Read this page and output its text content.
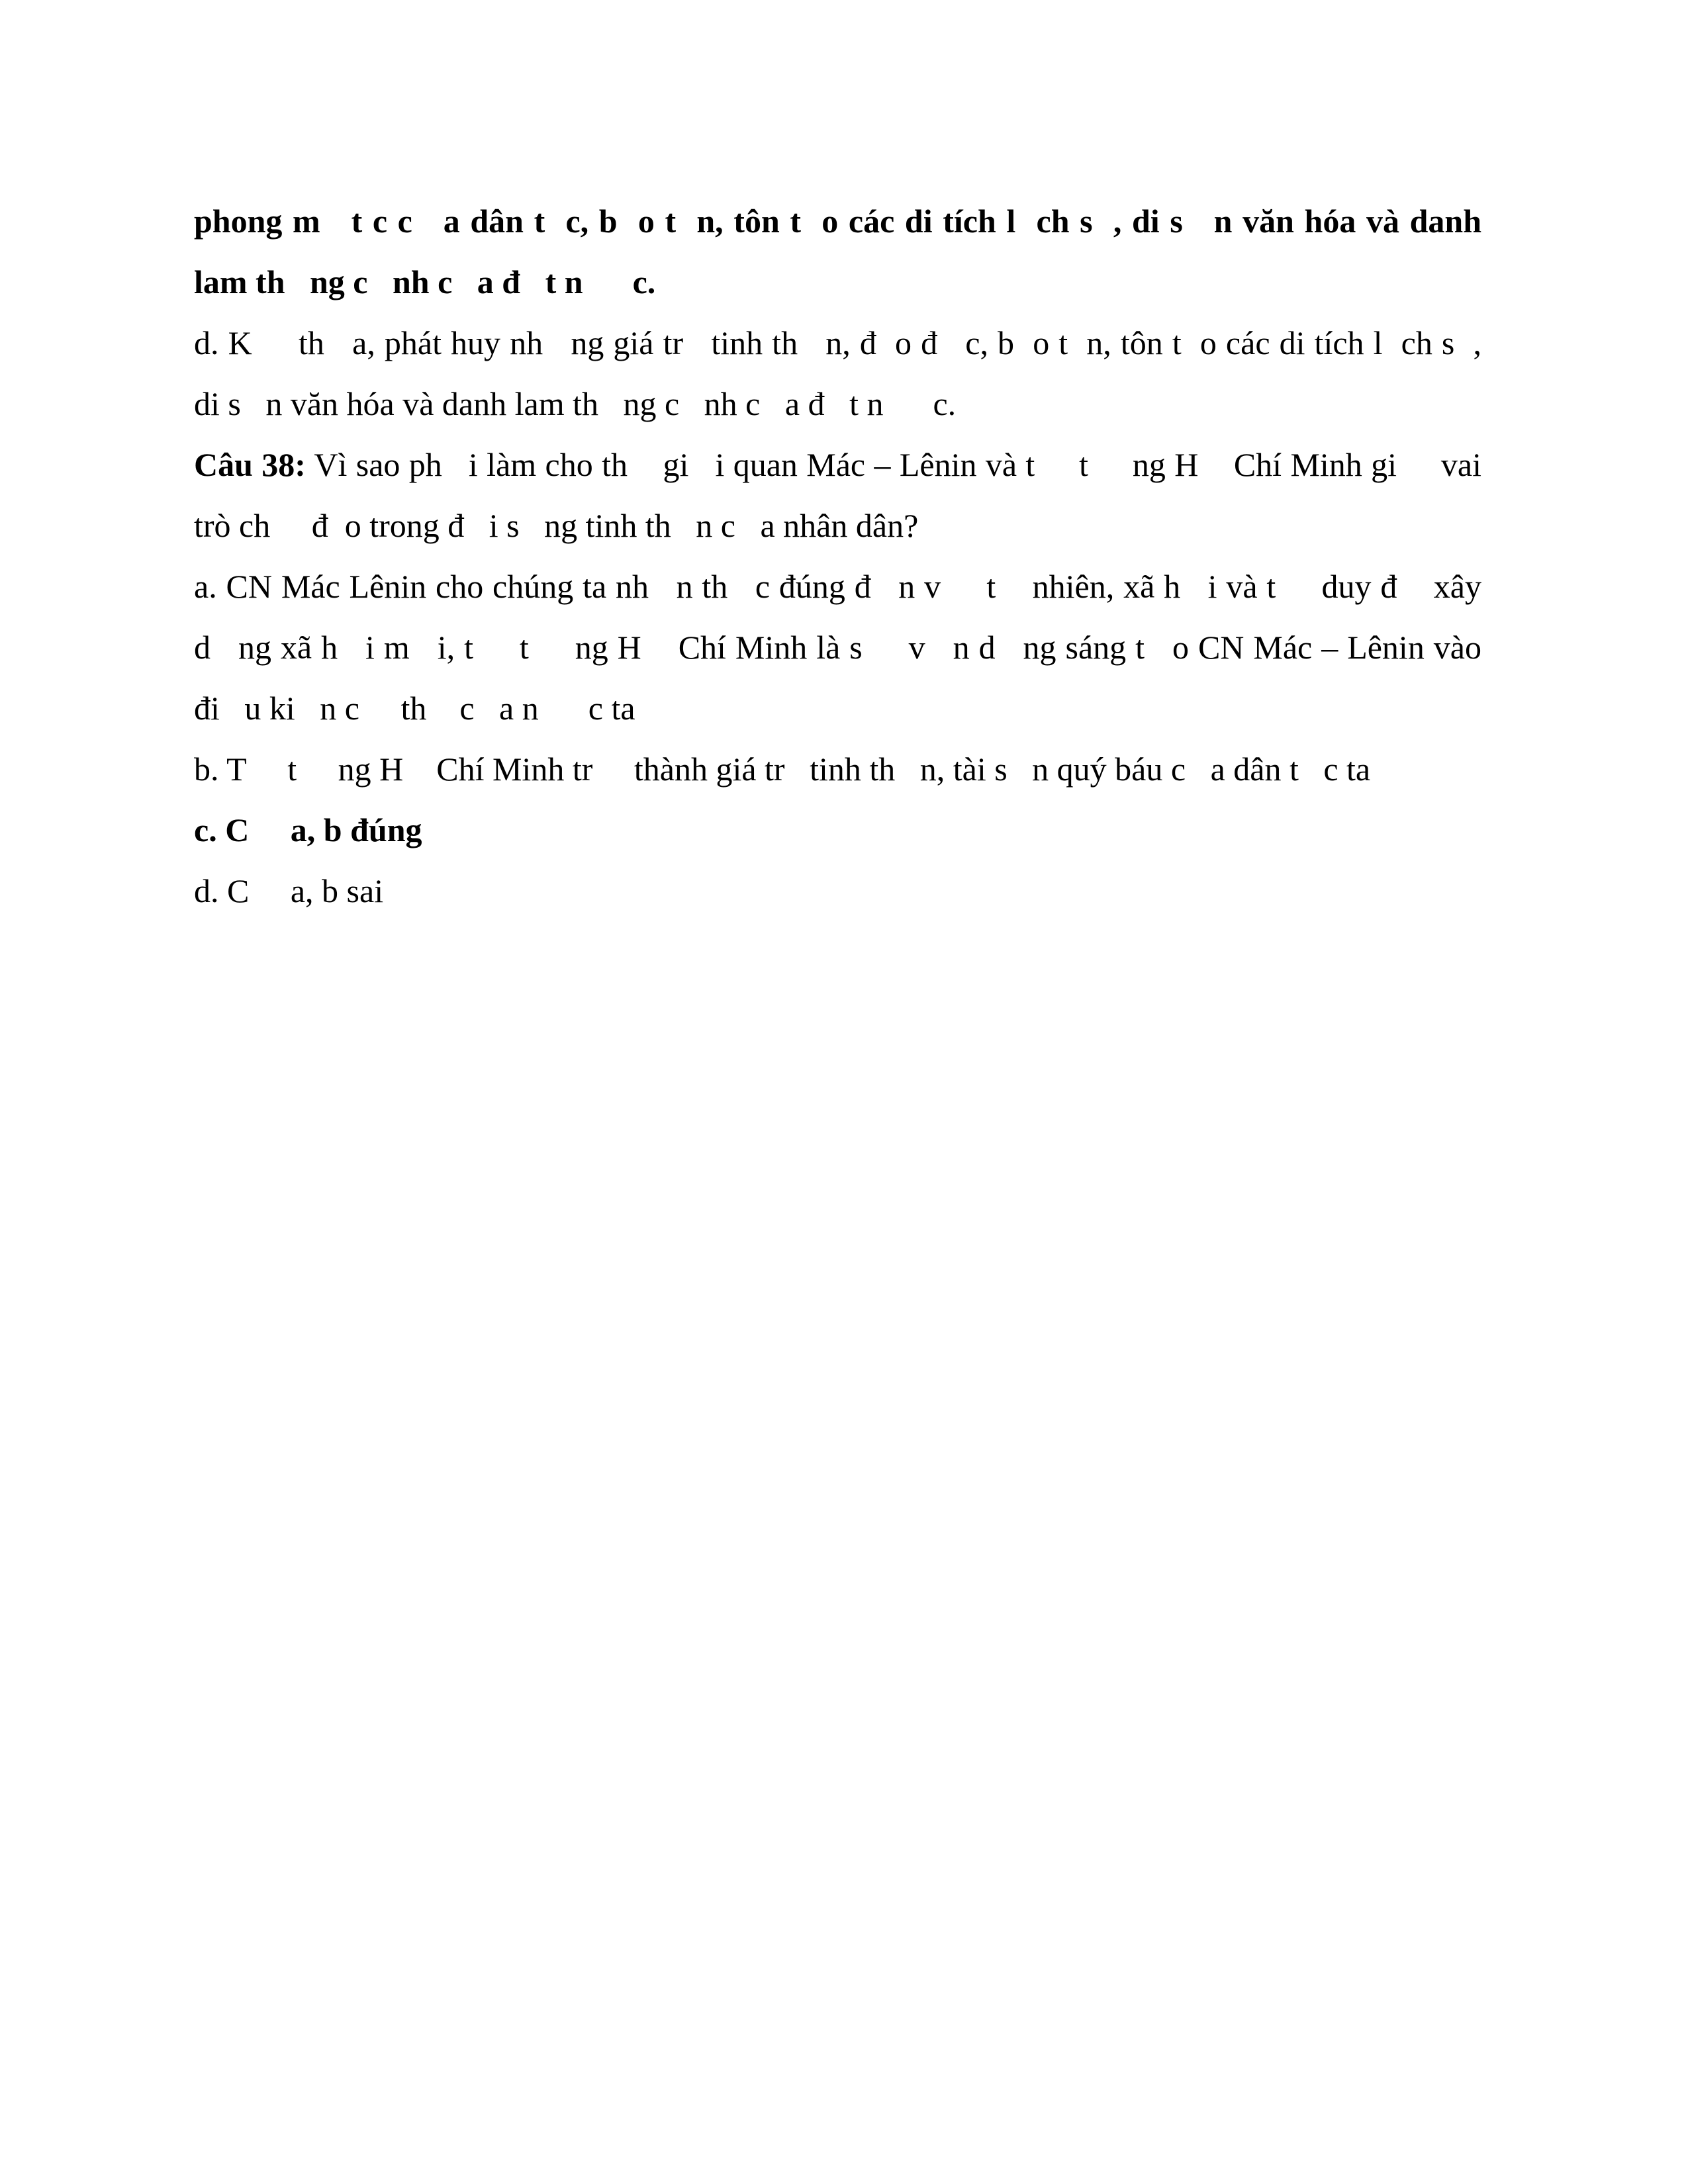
phong m   t c c   a dân t  c, b  o t  n, tôn t  o các di tích l  ch s  , di s   n văn hóa và danh
lam th   ng c   nh c   a đ   t n      c.
d. K     th   a, phát huy nh   ng giá tr   tinh th   n, đ  o đ   c, b  o t  n, tôn t  o các di tích l  ch s  ,
di s   n văn hóa và danh lam th   ng c   nh c   a đ   t n      c.
Câu 38: Vì sao ph   i làm cho th    gi   i quan Mác – Lênin và t     t     ng H    Chí Minh gi     vai
trò ch     đ  o trong đ   i s   ng tinh th   n c   a nhân dân?
a. CN Mác Lênin cho chúng ta nh   n th   c đúng đ   n v     t    nhiên, xã h   i và t     duy đ    xây
d   ng xã h   i m   i, t     t     ng H    Chí Minh là s     v   n d   ng sáng t   o CN Mác – Lênin vào
đi   u ki   n c     th    c   a n      c ta
b. T     t     ng H    Chí Minh tr     thành giá tr   tinh th   n, tài s   n quý báu c   a dân t   c ta
c. C     a, b đúng
d. C     a, b sai
